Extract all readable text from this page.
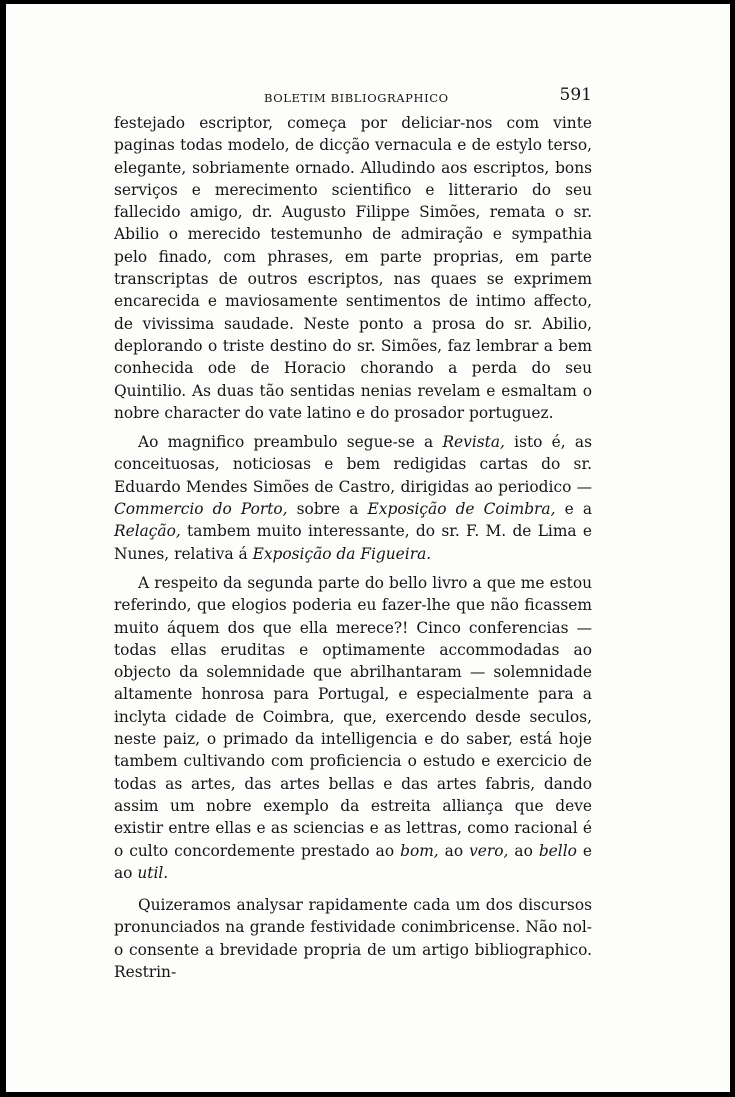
BOLETIM BIBLIOGRAPHICO	591

festejado escriptor, começa por deliciar-nos com vinte paginas todas modelo, de dicção vernacula e de estylo terso, elegante, sobriamente ornado. Alludindo aos escriptos, bons serviços e merecimento scientifico e litterario do seu fallecido amigo, dr. Augusto Filippe Simões, remata o sr. Abilio o merecido testemunho de admiração e sympathia pelo finado, com phrases, em parte proprias, em parte transcriptas de outros escriptos, nas quaes se exprimem encarecida e maviosamente sentimentos de intimo affecto, de vivissima saudade. Neste ponto a prosa do sr. Abilio, deplorando o triste destino do sr. Simões, faz lembrar a bem conhecida ode de Horacio chorando a perda do seu Quintilio. As duas tão sentidas nenias revelam e esmaltam o nobre character do vate latino e do prosador portuguez.

Ao magnifico preambulo segue-se a Revista, isto é, as conceituosas, noticiosas e bem redigidas cartas do sr. Eduardo Mendes Simões de Castro, dirigidas ao periodico — Commercio do Porto, sobre a Exposição de Coimbra, e a Relação, tambem muito interessante, do sr. F. M. de Lima e Nunes, relativa á Exposição da Figueira.

A respeito da segunda parte do bello livro a que me estou referindo, que elogios poderia eu fazer-lhe que não ficassem muito áquem dos que ella merece?! Cinco conferencias — todas ellas eruditas e optimamente accommodadas ao objecto da solemnidade que abrilhantaram — solemnidade altamente honrosa para Portugal, e especialmente para a inclyta cidade de Coimbra, que, exercendo desde seculos, neste paiz, o primado da intelligencia e do saber, está hoje tambem cultivando com proficiencia o estudo e exercicio de todas as artes, das artes bellas e das artes fabris, dando assim um nobre exemplo da estreita alliança que deve existir entre ellas e as sciencias e as lettras, como racional é o culto concordemente prestado ao bom, ao vero, ao bello e ao util.

Quizeramos analysar rapidamente cada um dos discursos pronunciados na grande festividade conimbricense. Não nol-o consente a brevidade propria de um artigo bibliographico. Restrin-
